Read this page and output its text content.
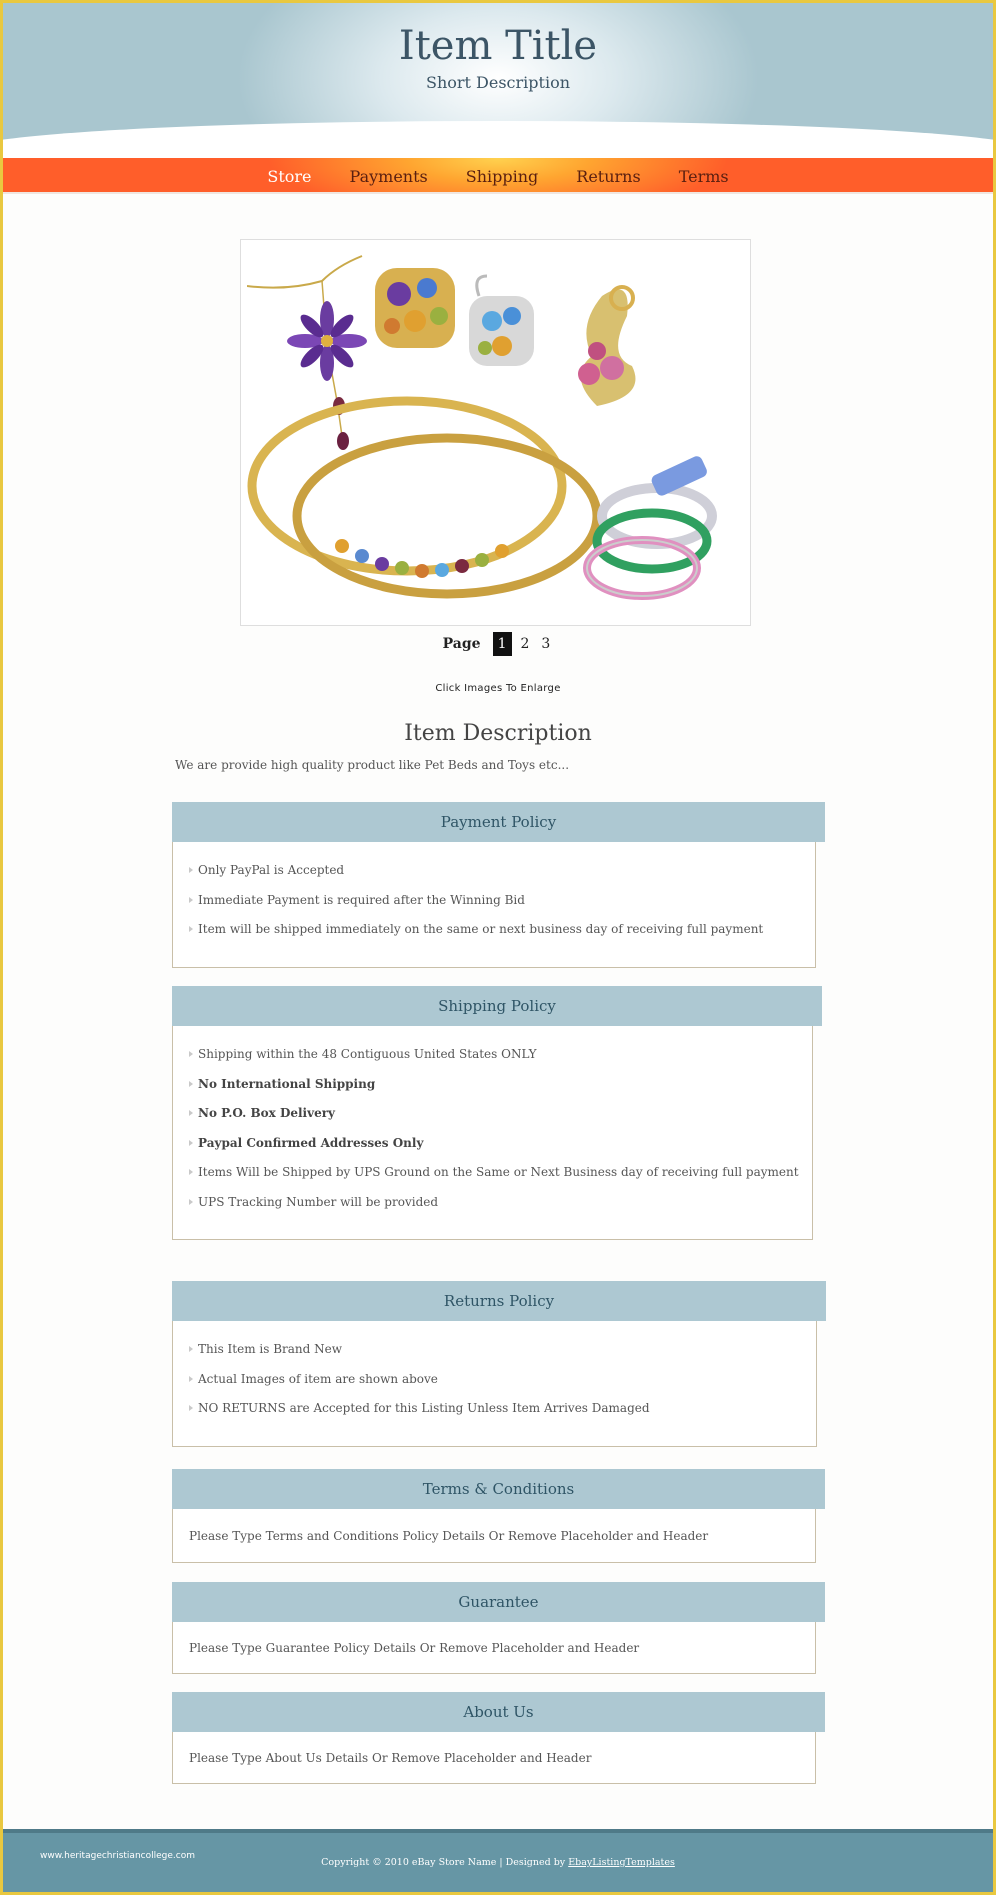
Item Title
Short Description
Store Payments Shipping Returns Terms
Page	1	2 3
Click Images To Enlarge
Item Description
We are provide high quality product like Pet Beds and Toys etc...
Payment Policy
Only PayPal is Accepted
Immediate Payment is required after the Winning Bid
Item will be shipped immediately on the same or next business day of receiving full payment
Shipping Policy
Shipping within the 48 Contiguous United States ONLY
No International Shipping
No P.O. Box Delivery
Paypal Confirmed Addresses Only
Items Will be Shipped by UPS Ground on the Same or Next Business day of receiving full payment
UPS Tracking Number will be provided
Returns Policy
This Item is Brand New
Actual Images of item are shown above
NO RETURNS are Accepted for this Listing Unless Item Arrives Damaged
Terms & Conditions

Please Type Terms and Conditions Policy Details Or Remove Placeholder and Header

Guarantee

Please Type Guarantee Policy Details Or Remove Placeholder and Header

About Us

Please Type About Us Details Or Remove Placeholder and Header

www.heritagechristiancollege.com
Copyright © 2010 eBay Store Name | Designed by EbayListingTemplates
